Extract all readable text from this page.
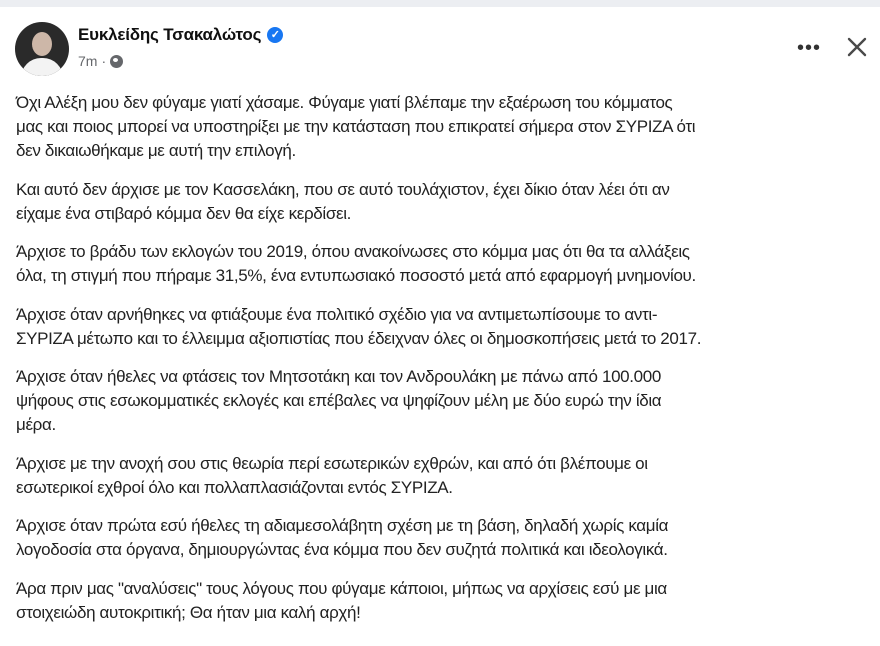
Ευκλείδης Τσακαλώτος ✓
7m ·
•••
Όχι Αλέξη μου δεν φύγαμε γιατί χάσαμε. Φύγαμε γιατί βλέπαμε την εξαέρωση του κόμματος
μας και ποιος μπορεί να υποστηρίξει με την κατάσταση που επικρατεί σήμερα στον ΣΥΡΙΖΑ ότι
δεν δικαιωθήκαμε με αυτή την επιλογή.
Και αυτό δεν άρχισε με τον Κασσελάκη, που σε αυτό τουλάχιστον, έχει δίκιο όταν λέει ότι αν
είχαμε ένα στιβαρό κόμμα δεν θα είχε κερδίσει.
Άρχισε το βράδυ των εκλογών του 2019, όπου ανακοίνωσες στο κόμμα μας ότι θα τα αλλάξεις
όλα, τη στιγμή που πήραμε 31,5%, ένα εντυπωσιακό ποσοστό μετά από εφαρμογή μνημονίου.
Άρχισε όταν αρνήθηκες να φτιάξουμε ένα πολιτικό σχέδιο για να αντιμετωπίσουμε το αντι-
ΣΥΡΙΖΑ μέτωπο και το έλλειμμα αξιοπιστίας που έδειχναν όλες οι δημοσκοπήσεις μετά το 2017.
Άρχισε όταν ήθελες να φτάσεις τον Μητσοτάκη και τον Ανδρουλάκη με πάνω από 100.000
ψήφους στις εσωκομματικές εκλογές και επέβαλες να ψηφίζουν μέλη με δύο ευρώ την ίδια
μέρα.
Άρχισε με την ανοχή σου στις θεωρία περί εσωτερικών εχθρών, και από ότι βλέπουμε οι
εσωτερικοί εχθροί όλο και πολλαπλασιάζονται εντός ΣΥΡΙΖΑ.
Άρχισε όταν πρώτα εσύ ήθελες τη αδιαμεσολάβητη σχέση με τη βάση, δηλαδή χωρίς καμία
λογοδοσία στα όργανα, δημιουργώντας ένα κόμμα που δεν συζητά πολιτικά και ιδεολογικά.
Άρα πριν μας "αναλύσεις" τους λόγους που φύγαμε κάποιοι, μήπως να αρχίσεις εσύ με μια
στοιχειώδη αυτοκριτική; Θα ήταν μια καλή αρχή!
